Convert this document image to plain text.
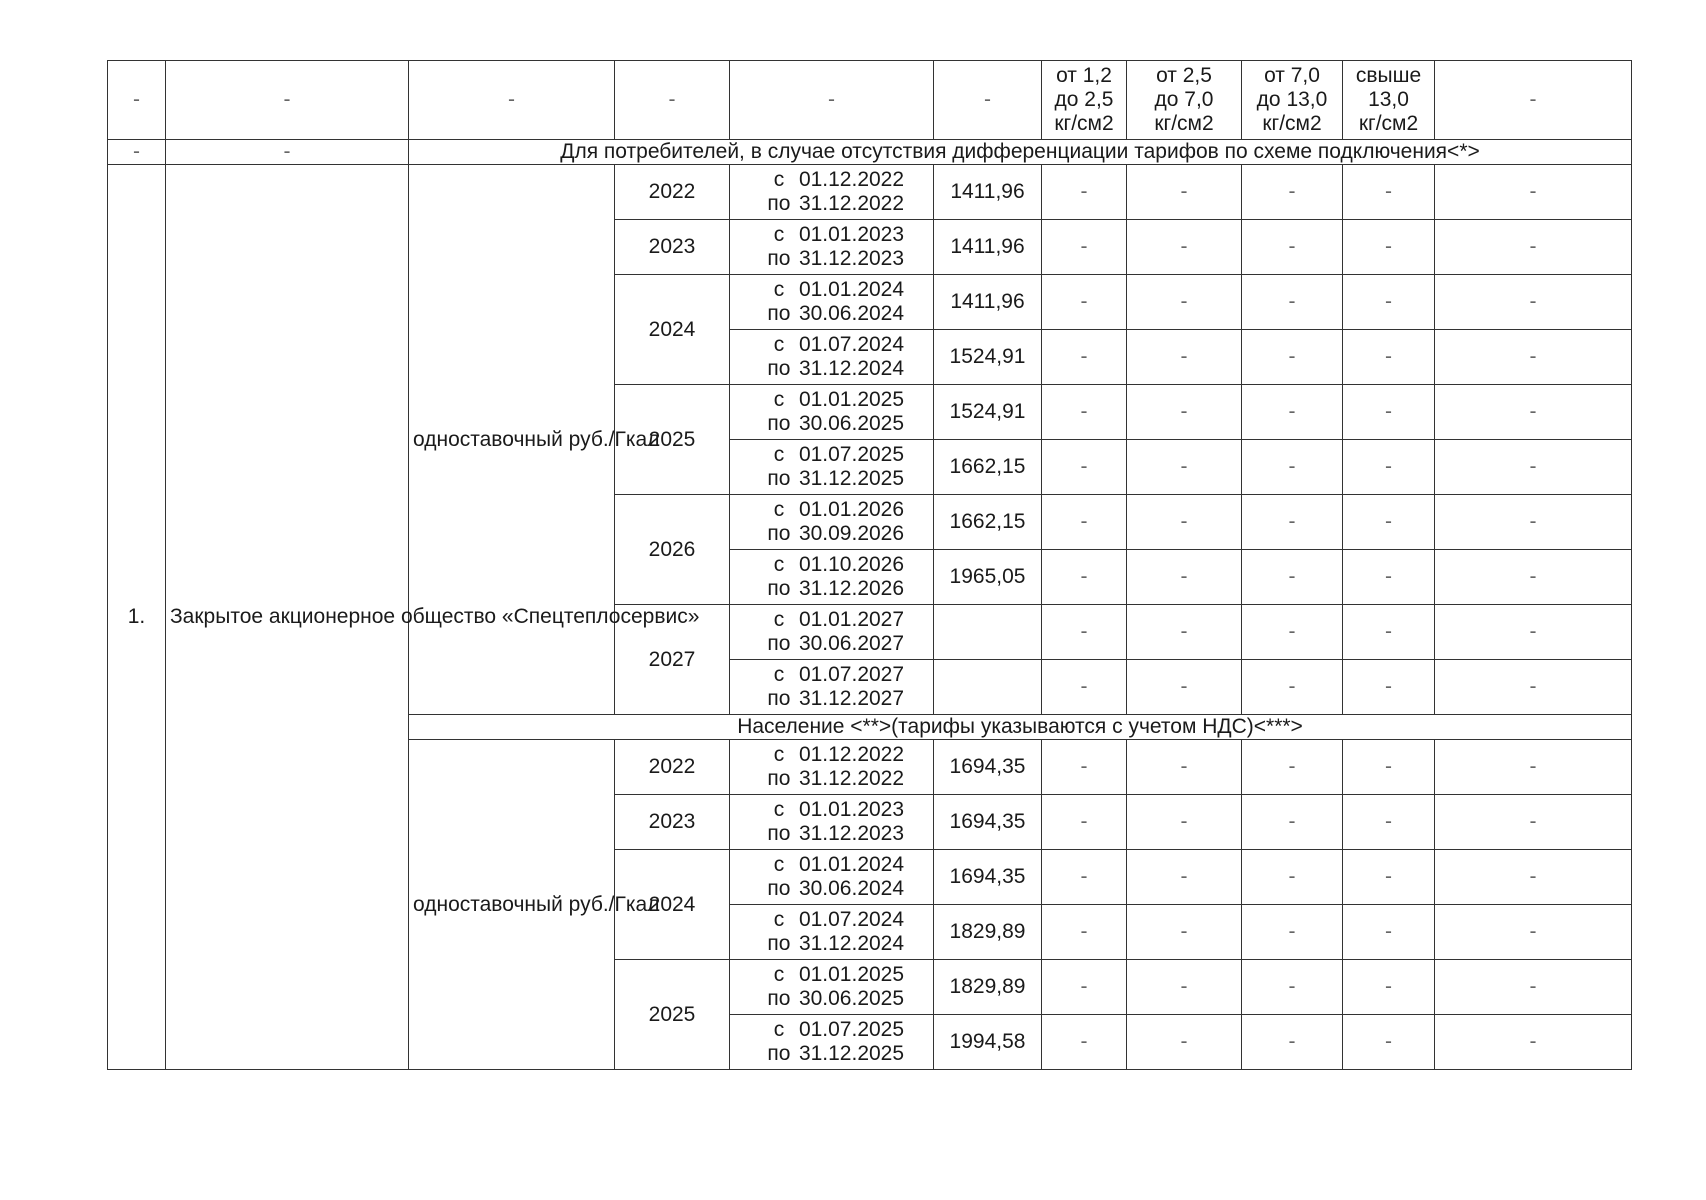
-	-	-	-	-	-	от 1,2
до 2,5
кг/см2	от 2,5
до 7,0
кг/см2	от 7,0
до 13,0
кг/см2	свыше
13,0
кг/см2	-
-	-	Для потребителей, в случае отсутствия дифференциации тарифов по схеме подключения<*>								
1.	Закрытое акционерное общество «Спецтеплосервис»	одноставочный руб./Гкал	2022	с 01.12.2022
по 31.12.2022	1411,96	-	-	-	-	-
			2023	с 01.01.2023
по 31.12.2023	1411,96	-	-	-	-	-
			2024	с 01.01.2024
по 30.06.2024	1411,96	-	-	-	-	-

				с 01.07.2024
по 31.12.2024	1524,91	-	-	-	-	-
			2025	с 01.01.2025
по 30.06.2025	1524,91	-	-	-	-	-

				с 01.07.2025
по 31.12.2025	1662,15	-	-	-	-	-
			2026	с 01.01.2026
по 30.09.2026	1662,15	-	-	-	-	-

				с 01.10.2026
по 31.12.2026	1965,05	-	-	-	-	-
			2027	с 01.01.2027
по 30.06.2027		-	-	-	-	-

				с 01.07.2027
по 31.12.2027		-	-	-	-	-
		Население <**>(тарифы указываются с учетом НДС)<***>								
		одноставочный руб./Гкал	2022	с 01.12.2022
по 31.12.2022	1694,35	-	-	-	-	-
			2023	с 01.01.2023
по 31.12.2023	1694,35	-	-	-	-	-
			2024	с 01.01.2024
по 30.06.2024	1694,35	-	-	-	-	-

				с 01.07.2024
по 31.12.2024	1829,89	-	-	-	-	-
			2025	с 01.01.2025
по 30.06.2025	1829,89	-	-	-	-	-

				с 01.07.2025
по 31.12.2025	1994,58	-	-	-	-	-
